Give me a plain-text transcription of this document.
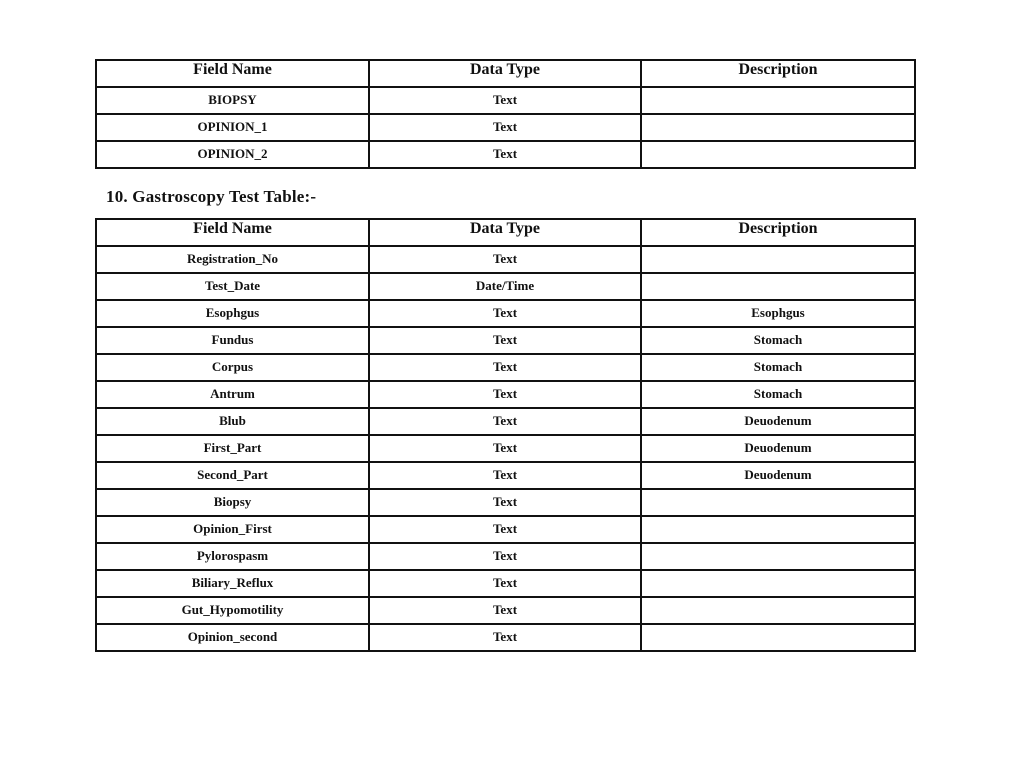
Field Name	Data Type	Description
BIOPSY	Text	
OPINION_1	Text	
OPINION_2	Text	
10. Gastroscopy Test Table:-
Field Name	Data Type	Description
Registration_No	Text	
Test_Date	Date/Time	
Esophgus	Text	Esophgus
Fundus	Text	Stomach
Corpus	Text	Stomach
Antrum	Text	Stomach
Blub	Text	Deuodenum
First_Part	Text	Deuodenum
Second_Part	Text	Deuodenum
Biopsy	Text	
Opinion_First	Text	
Pylorospasm	Text	
Biliary_Reflux	Text	
Gut_Hypomotility	Text	
Opinion_second	Text	
